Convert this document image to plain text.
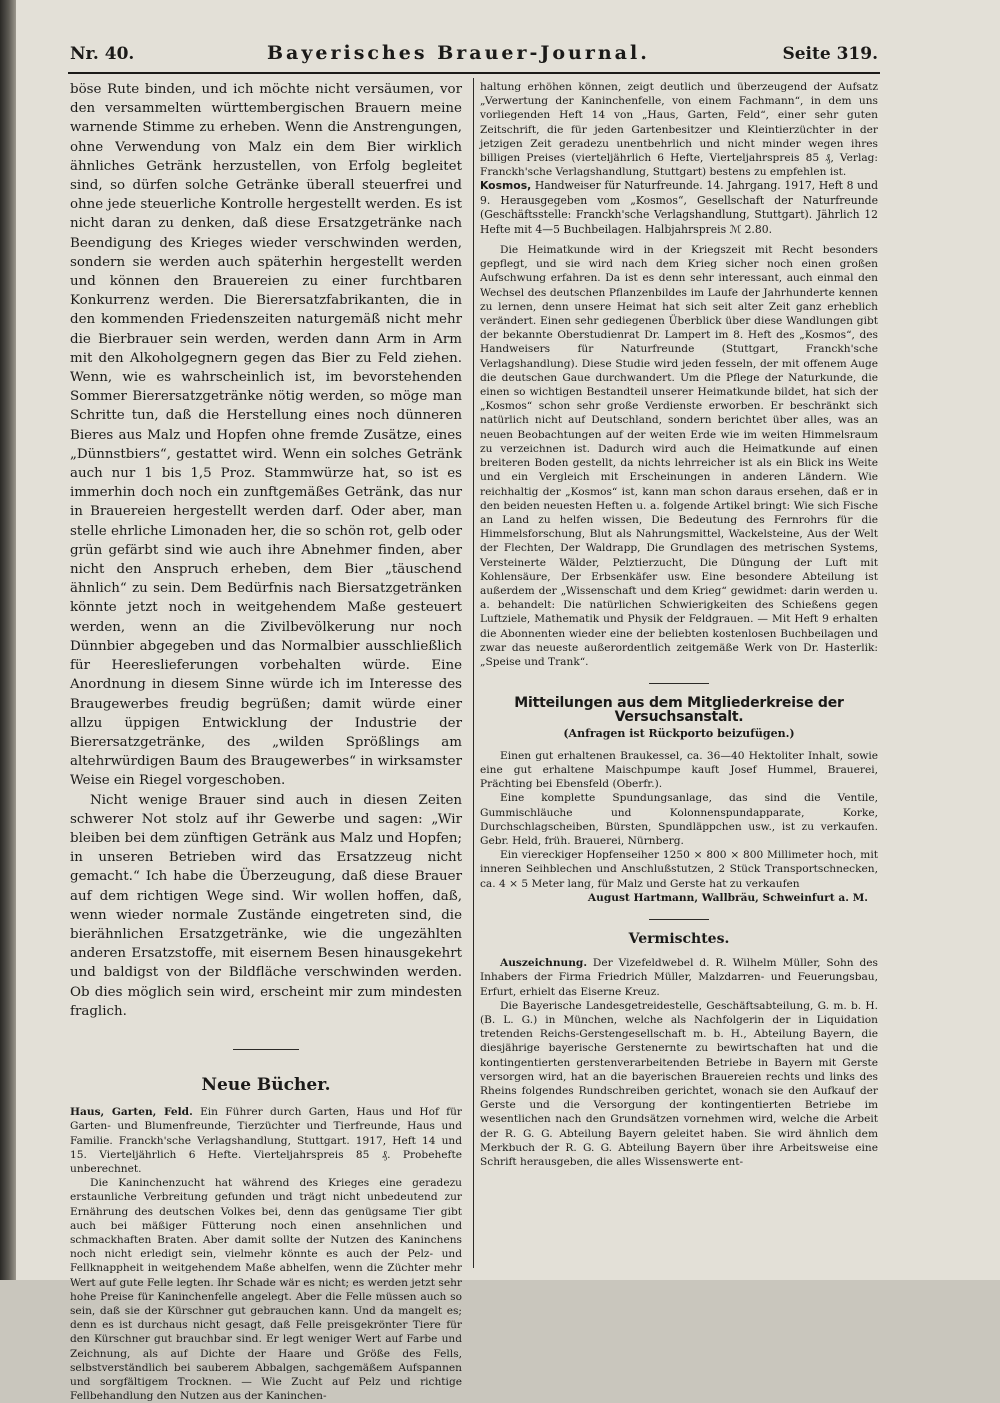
Nr. 40.	Bayerisches Brauer-Journal.	Seite 319.

böse Rute binden, und ich möchte nicht versäumen, vor den versammelten württembergischen Brauern meine warnende Stimme zu erheben. Wenn die Anstrengungen, ohne Verwendung von Malz ein dem Bier wirklich ähnliches Getränk herzustellen, von Erfolg begleitet sind, so dürfen solche Getränke überall steuerfrei und ohne jede steuerliche Kontrolle hergestellt werden. Es ist nicht daran zu denken, daß diese Ersatzgetränke nach Beendigung des Krieges wieder verschwinden werden, sondern sie werden auch späterhin hergestellt werden und können den Brauereien zu einer furchtbaren Konkurrenz werden. Die Bierersatzfabrikanten, die in den kommenden Friedenszeiten naturgemäß nicht mehr die Bierbrauer sein werden, werden dann Arm in Arm mit den Alkoholgegnern gegen das Bier zu Feld ziehen. Wenn, wie es wahrscheinlich ist, im bevorstehenden Sommer Bierersatzgetränke nötig werden, so möge man Schritte tun, daß die Herstellung eines noch dünneren Bieres aus Malz und Hopfen ohne fremde Zusätze, eines „Dünnstbiers“, gestattet wird. Wenn ein solches Getränk auch nur 1 bis 1,5 Proz. Stammwürze hat, so ist es immerhin doch noch ein zunftgemäßes Getränk, das nur in Brauereien hergestellt werden darf. Oder aber, man stelle ehrliche Limonaden her, die so schön rot, gelb oder grün gefärbt sind wie auch ihre Abnehmer finden, aber nicht den Anspruch erheben, dem Bier „täuschend ähnlich“ zu sein. Dem Bedürfnis nach Biersatzgetränken könnte jetzt noch in weitgehendem Maße gesteuert werden, wenn an die Zivilbevölkerung nur noch Dünnbier abgegeben und das Normalbier ausschließlich für Heereslieferungen vorbehalten würde. Eine Anordnung in diesem Sinne würde ich im Interesse des Braugewerbes freudig begrüßen; damit würde einer allzu üppigen Entwicklung der Industrie der Bierersatzgetränke, des „wilden Sprößlings am altehrwürdigen Baum des Braugewerbes“ in wirksamster Weise ein Riegel vorgeschoben.

Nicht wenige Brauer sind auch in diesen Zeiten schwerer Not stolz auf ihr Gewerbe und sagen: „Wir bleiben bei dem zünftigen Getränk aus Malz und Hopfen; in unseren Betrieben wird das Ersatzzeug nicht gemacht.“ Ich habe die Überzeugung, daß diese Brauer auf dem richtigen Wege sind. Wir wollen hoffen, daß, wenn wieder normale Zustände eingetreten sind, die bierähnlichen Ersatzgetränke, wie die ungezählten anderen Ersatzstoffe, mit eisernem Besen hinausgekehrt und baldigst von der Bildfläche verschwinden werden. Ob dies möglich sein wird, erscheint mir zum mindesten fraglich.

Neue Bücher.

Haus, Garten, Feld. Ein Führer durch Garten, Haus und Hof für Garten- und Blumenfreunde, Tierzüchter und Tierfreunde, Haus und Familie. Franckh'sche Verlagshandlung, Stuttgart. 1917, Heft 14 und 15. Vierteljährlich 6 Hefte. Vierteljahrspreis 85 ₰. Probehefte unberechnet.

Die Kaninchenzucht hat während des Krieges eine geradezu erstaunliche Verbreitung gefunden und trägt nicht unbedeutend zur Ernährung des deutschen Volkes bei, denn das genügsame Tier gibt auch bei mäßiger Fütterung noch einen ansehnlichen und schmackhaften Braten. Aber damit sollte der Nutzen des Kaninchens noch nicht erledigt sein, vielmehr könnte es auch der Pelz- und Fellknappheit in weitgehendem Maße abhelfen, wenn die Züchter mehr Wert auf gute Felle legten. Ihr Schade wär es nicht; es werden jetzt sehr hohe Preise für Kaninchenfelle angelegt. Aber die Felle müssen auch so sein, daß sie der Kürschner gut gebrauchen kann. Und da mangelt es; denn es ist durchaus nicht gesagt, daß Felle preisgekrönter Tiere für den Kürschner gut brauchbar sind. Er legt weniger Wert auf Farbe und Zeichnung, als auf Dichte der Haare und Größe des Fells, selbstverständlich bei sauberem Abbalgen, sachgemäßem Aufspannen und sorgfältigem Trocknen. — Wie Zucht auf Pelz und richtige Fellbehandlung den Nutzen aus der Kaninchen-

haltung erhöhen können, zeigt deutlich und überzeugend der Aufsatz „Verwertung der Kaninchenfelle, von einem Fachmann“, in dem uns vorliegenden Heft 14 von „Haus, Garten, Feld“, einer sehr guten Zeitschrift, die für jeden Gartenbesitzer und Kleintierzüchter in der jetzigen Zeit geradezu unentbehrlich und nicht minder wegen ihres billigen Preises (vierteljährlich 6 Hefte, Vierteljahrspreis 85 ₰, Verlag: Franckh'sche Verlagshandlung, Stuttgart) bestens zu empfehlen ist.

Kosmos, Handweiser für Naturfreunde. 14. Jahrgang. 1917, Heft 8 und 9. Herausgegeben vom „Kosmos“, Gesellschaft der Naturfreunde (Geschäftsstelle: Franckh'sche Verlagshandlung, Stuttgart). Jährlich 12 Hefte mit 4—5 Buchbeilagen. Halbjahrspreis ℳ 2.80.

Die Heimatkunde wird in der Kriegszeit mit Recht besonders gepflegt, und sie wird nach dem Krieg sicher noch einen großen Aufschwung erfahren. Da ist es denn sehr interessant, auch einmal den Wechsel des deutschen Pflanzenbildes im Laufe der Jahrhunderte kennen zu lernen, denn unsere Heimat hat sich seit alter Zeit ganz erheblich verändert. Einen sehr gediegenen Überblick über diese Wandlungen gibt der bekannte Oberstudienrat Dr. Lampert im 8. Heft des „Kosmos“, des Handweisers für Naturfreunde (Stuttgart, Franckh'sche Verlagshandlung). Diese Studie wird jeden fesseln, der mit offenem Auge die deutschen Gaue durchwandert. Um die Pflege der Naturkunde, die einen so wichtigen Bestandteil unserer Heimatkunde bildet, hat sich der „Kosmos“ schon sehr große Verdienste erworben. Er beschränkt sich natürlich nicht auf Deutschland, sondern berichtet über alles, was an neuen Beobachtungen auf der weiten Erde wie im weiten Himmelsraum zu verzeichnen ist. Dadurch wird auch die Heimatkunde auf einen breiteren Boden gestellt, da nichts lehrreicher ist als ein Blick ins Weite und ein Vergleich mit Erscheinungen in anderen Ländern. Wie reichhaltig der „Kosmos“ ist, kann man schon daraus ersehen, daß er in den beiden neuesten Heften u. a. folgende Artikel bringt: Wie sich Fische an Land zu helfen wissen, Die Bedeutung des Fernrohrs für die Himmelsforschung, Blut als Nahrungsmittel, Wackelsteine, Aus der Welt der Flechten, Der Waldrapp, Die Grundlagen des metrischen Systems, Versteinerte Wälder, Pelztierzucht, Die Düngung der Luft mit Kohlensäure, Der Erbsenkäfer usw. Eine besondere Abteilung ist außerdem der „Wissenschaft und dem Krieg“ gewidmet: darin werden u. a. behandelt: Die natürlichen Schwierigkeiten des Schießens gegen Luftziele, Mathematik und Physik der Feldgrauen. — Mit Heft 9 erhalten die Abonnenten wieder eine der beliebten kostenlosen Buchbeilagen und zwar das neueste außerordentlich zeitgemäße Werk von Dr. Hasterlik: „Speise und Trank“.

Mitteilungen aus dem Mitgliederkreise der Versuchsanstalt.

(Anfragen ist Rückporto beizufügen.)

Einen gut erhaltenen Braukessel, ca. 36—40 Hektoliter Inhalt, sowie eine gut erhaltene Maischpumpe kauft Josef Hummel, Brauerei, Prächting bei Ebensfeld (Oberfr.).

Eine komplette Spundungsanlage, das sind die Ventile, Gummischläuche und Kolonnenspundapparate, Korke, Durchschlagscheiben, Bürsten, Spundläppchen usw., ist zu verkaufen. Gebr. Held, früh. Brauerei, Nürnberg.

Ein viereckiger Hopfenseiher 1250 × 800 × 800 Millimeter hoch, mit inneren Seihblechen und Anschlußstutzen, 2 Stück Transportschnecken, ca. 4 × 5 Meter lang, für Malz und Gerste hat zu verkaufen

August Hartmann, Wallbräu, Schweinfurt a. M.

Vermischtes.

Auszeichnung. Der Vizefeldwebel d. R. Wilhelm Müller, Sohn des Inhabers der Firma Friedrich Müller, Malzdarren- und Feuerungsbau, Erfurt, erhielt das Eiserne Kreuz.

Die Bayerische Landesgetreidestelle, Geschäftsabteilung, G. m. b. H. (B. L. G.) in München, welche als Nachfolgerin der in Liquidation tretenden Reichs-Gerstengesellschaft m. b. H., Abteilung Bayern, die diesjährige bayerische Gerstenernte zu bewirtschaften hat und die kontingentierten gerstenverarbeitenden Betriebe in Bayern mit Gerste versorgen wird, hat an die bayerischen Brauereien rechts und links des Rheins folgendes Rundschreiben gerichtet, wonach sie den Aufkauf der Gerste und die Versorgung der kontingentierten Betriebe im wesentlichen nach den Grundsätzen vornehmen wird, welche die Arbeit der R. G. G. Abteilung Bayern geleitet haben. Sie wird ähnlich dem Merkbuch der R. G. G. Abteilung Bayern über ihre Arbeitsweise eine Schrift herausgeben, die alles Wissenswerte ent-
